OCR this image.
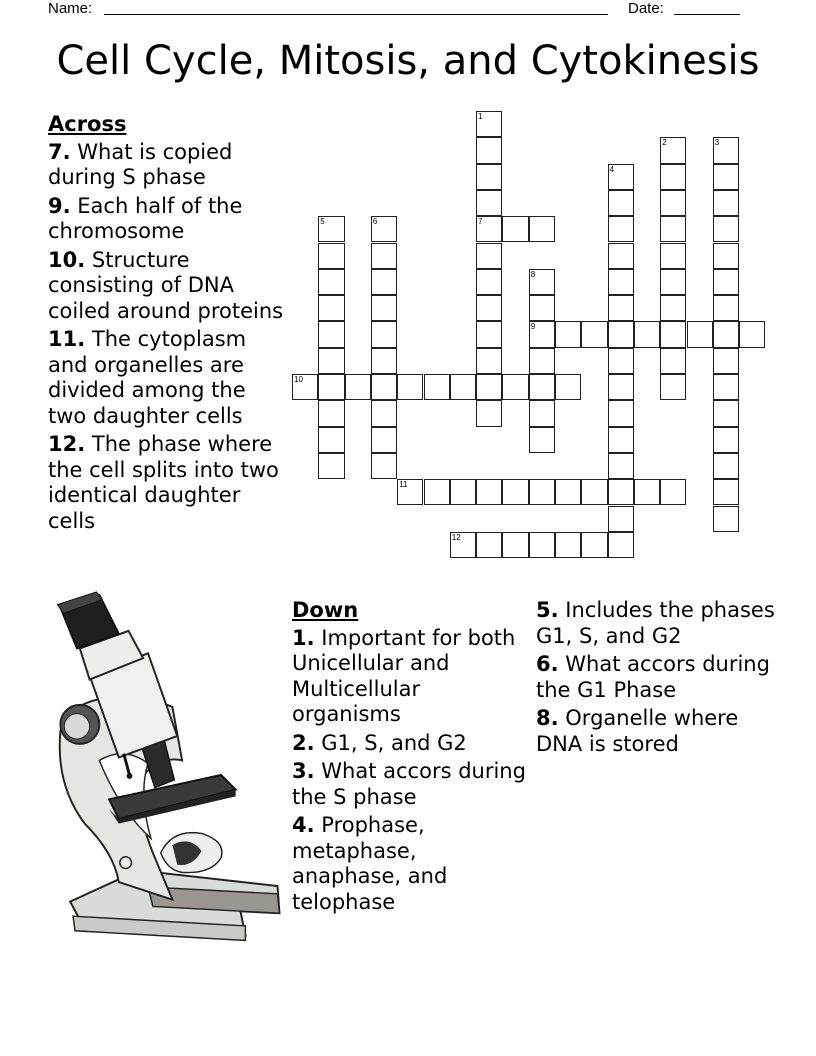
Name:	Date:
Cell Cycle, Mitosis, and Cytokinesis
Across
7. What is copied during S phase
9. Each half of the chromosome
10. Structure consisting of DNA coiled around proteins
11. The cytoplasm and organelles are divided among the two daughter cells
12. The phase where the cell splits into two identical daughter cells
Down
1. Important for both Unicellular and Multicellular organisms
2. G1, S, and G2
3. What accors during the S phase
4. Prophase, metaphase, anaphase, and telophase
5. Includes the phases G1, S, and G2
6. What accors during the G1 Phase
8. Organelle where DNA is stored
1
7
2	3
4
5	6
8
9
10
11
12
